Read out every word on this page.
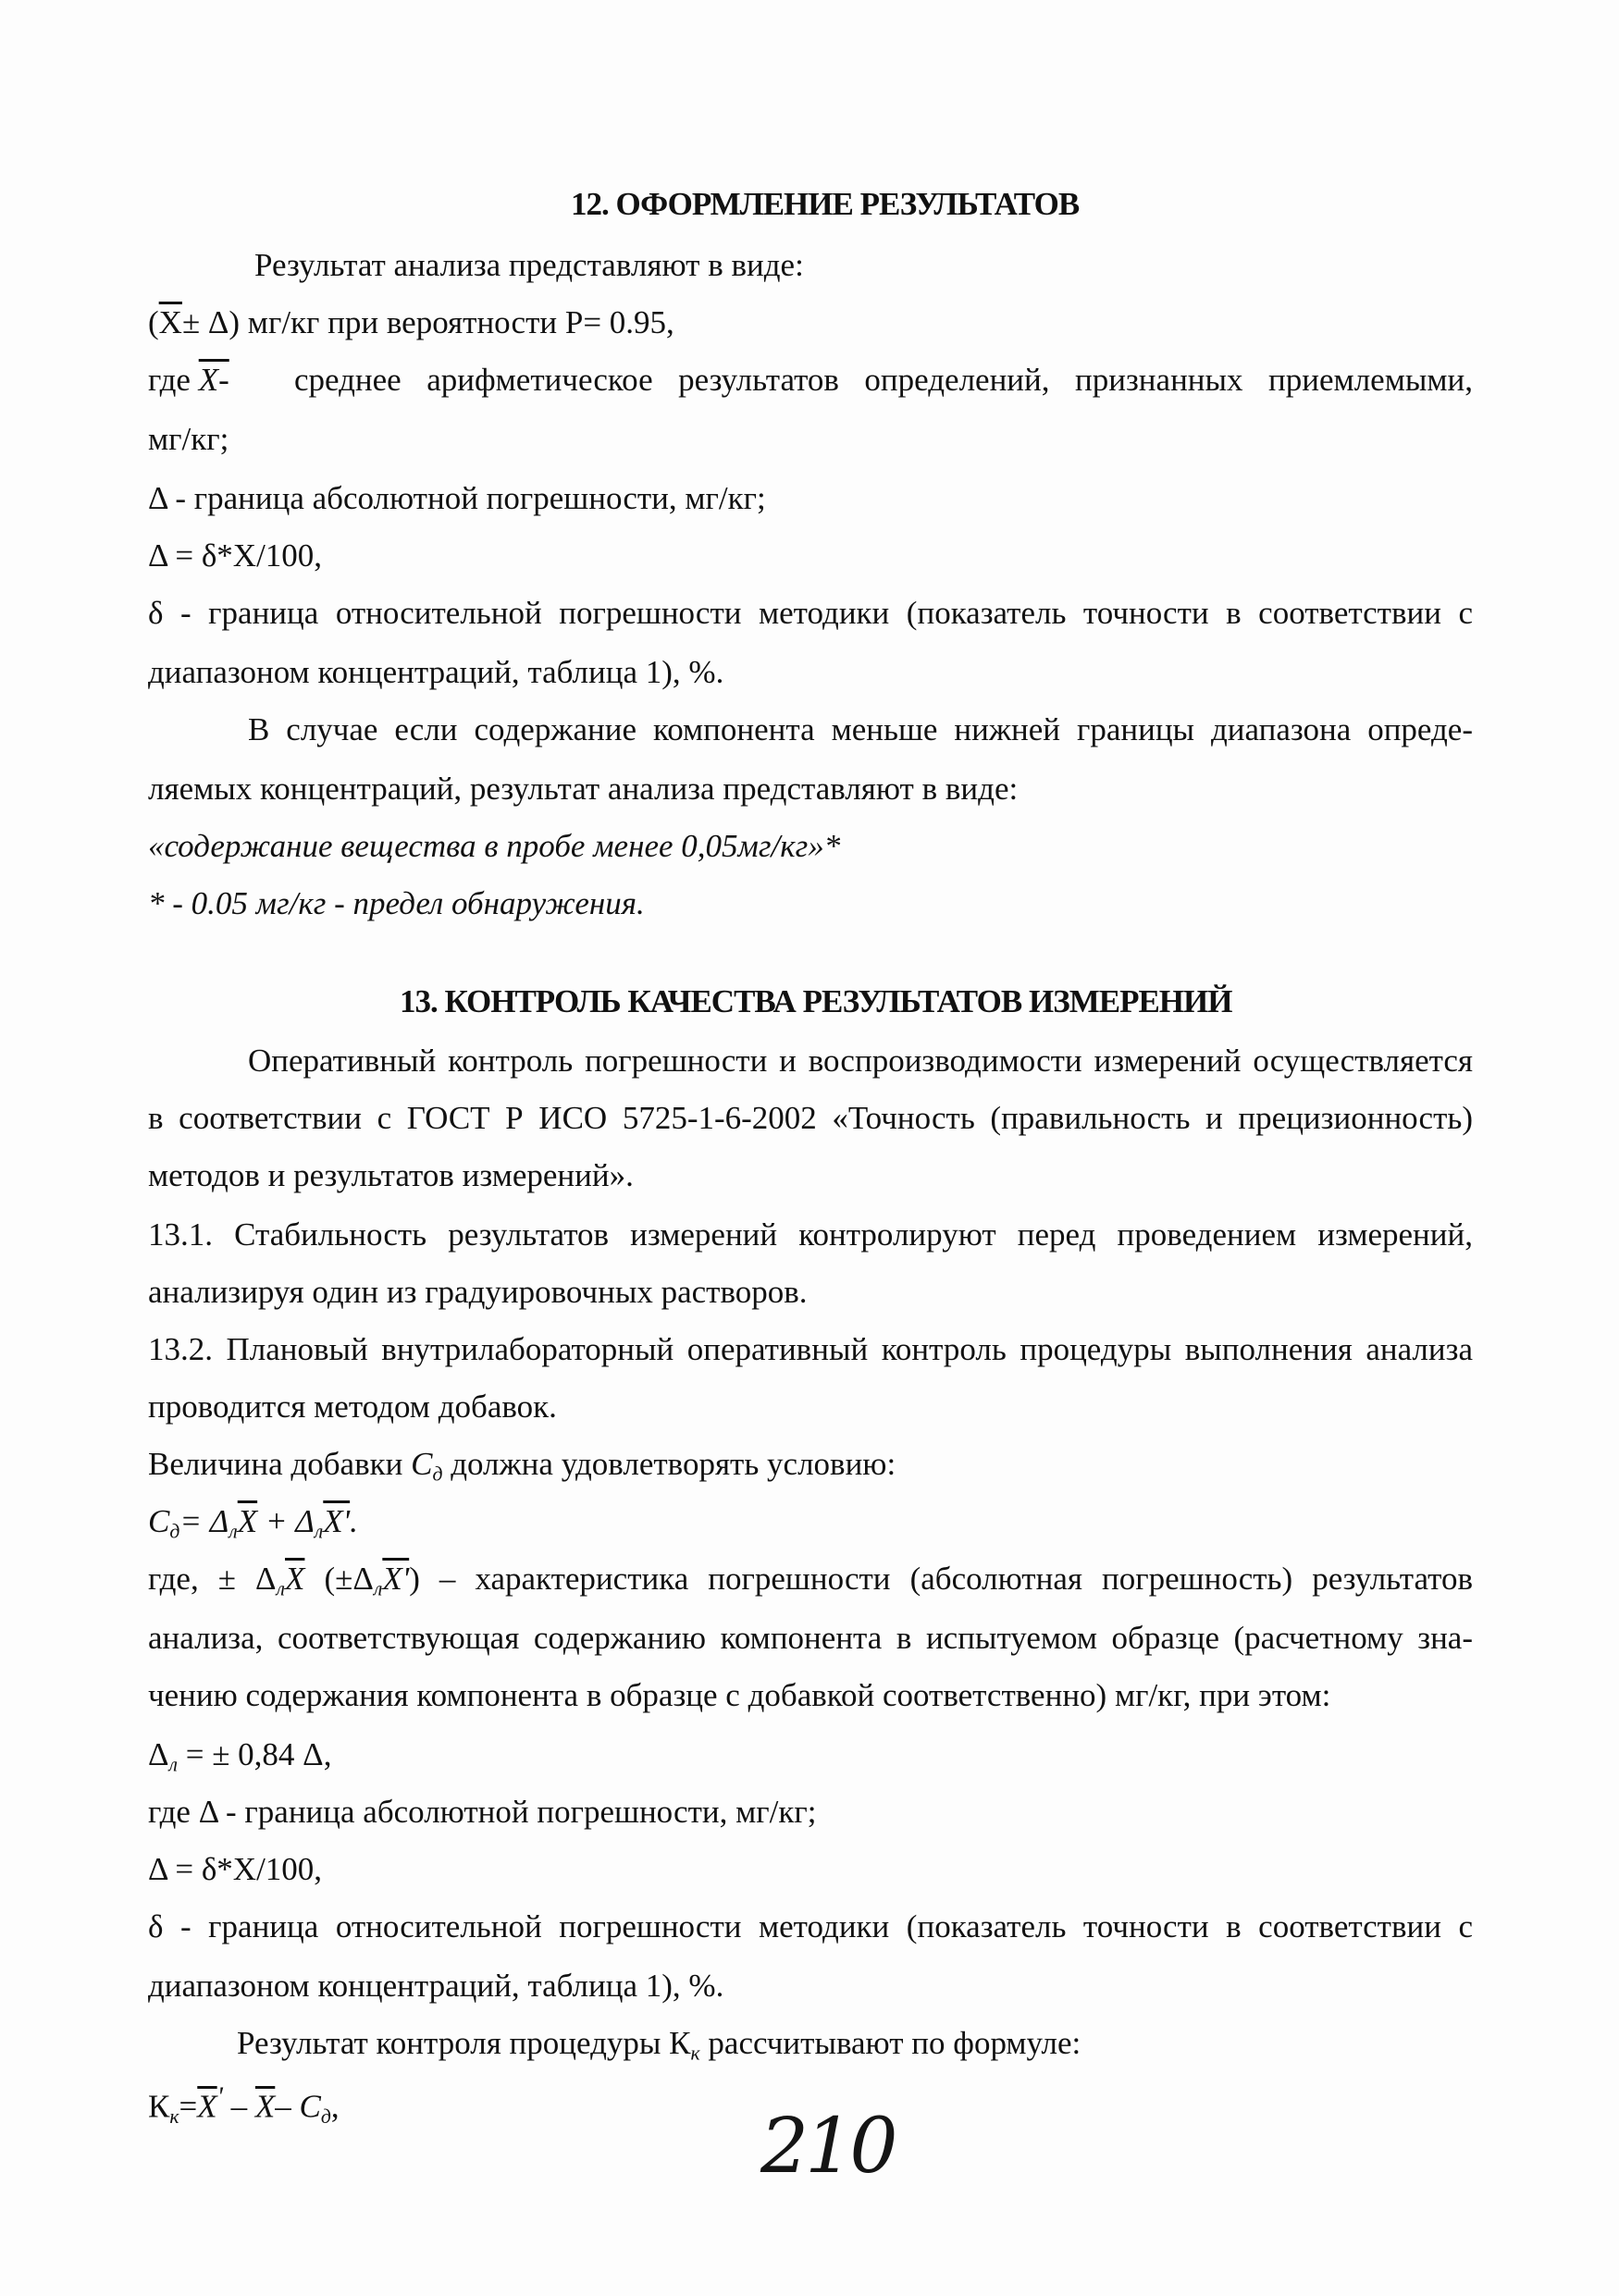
12. ОФОРМЛЕНИЕ РЕЗУЛЬТАТОВ
Результат анализа представляют в виде:
(Х± Δ) мг/кг при вероятности Р= 0.95,
где X- среднее арифметическое результатов определений, признанных приемлемыми,
мг/кг;
Δ - граница абсолютной погрешности, мг/кг;
Δ = δ*Х/100,
δ - граница относительной погрешности методики (показатель точности в соответствии с
диапазоном концентраций, таблица 1), %.
В случае если содержание компонента меньше нижней границы диапазона опреде-
ляемых концентраций, результат анализа представляют в виде:
«содержание вещества в пробе менее 0,05мг/кг»*
* - 0.05 мг/кг - предел обнаружения.
13. КОНТРОЛЬ КАЧЕСТВА РЕЗУЛЬТАТОВ ИЗМЕРЕНИЙ
Оперативный контроль погрешности и воспроизводимости измерений осуществляется
в соответствии с ГОСТ Р ИСО 5725-1-6-2002 «Точность (правильность и прецизионность)
методов и результатов измерений».
13.1. Стабильность результатов измерений контролируют перед проведением измерений,
анализируя один из градуировочных растворов.
13.2. Плановый внутрилабораторный оперативный контроль процедуры выполнения анализа
проводится методом добавок.
Величина добавки $С_д$ должна удовлетворять условию:
$С_д= \Delta_л\overline{X} + \Delta_лX'$.
где, ± $\Delta_л\overline{X}$ $(\pm\Delta_лX')$ – характеристика погрешности (абсолютная погрешность) результатов
анализа, соответствующая содержанию компонента в испытуемом образце (расчетному зна-
чению содержания компонента в образце с добавкой соответственно) мг/кг, при этом:
$\Delta_л$ = ± 0,84 Δ,
где Δ - граница абсолютной погрешности, мг/кг;
Δ = δ*Х/100,
δ - граница относительной погрешности методики (показатель точности в соответствии с
диапазоном концентраций, таблица 1), %.
Результат контроля процедуры $К_к$ рассчитывают по формуле:
$К_к=\overline{X}' - \overline{X}-$ $С_д$,	210
